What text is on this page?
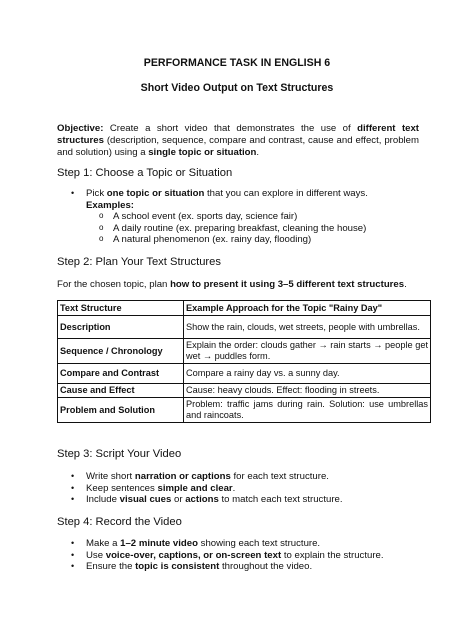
PERFORMANCE TASK IN ENGLISH 6
Short Video Output on Text Structures
Objective: Create a short video that demonstrates the use of different text structures (description, sequence, compare and contrast, cause and effect, problem and solution) using a single topic or situation.
Step 1: Choose a Topic or Situation
• Pick one topic or situation that you can explore in different ways.
Examples:
o A school event (ex. sports day, science fair)
o A daily routine (ex. preparing breakfast, cleaning the house)
o A natural phenomenon (ex. rainy day, flooding)
Step 2: Plan Your Text Structures
For the chosen topic, plan how to present it using 3–5 different text structures.
Text Structure	Example Approach for the Topic "Rainy Day"
Description	Show the rain, clouds, wet streets, people with umbrellas.
Sequence / Chronology	Explain the order: clouds gather → rain starts → people get wet → puddles form.
Compare and Contrast	Compare a rainy day vs. a sunny day.
Cause and Effect	Cause: heavy clouds. Effect: flooding in streets.
Problem and Solution	Problem: traffic jams during rain. Solution: use umbrellas and raincoats.
Step 3: Script Your Video
• Write short narration or captions for each text structure.
• Keep sentences simple and clear.
• Include visual cues or actions to match each text structure.
Step 4: Record the Video
• Make a 1–2 minute video showing each text structure.
• Use voice-over, captions, or on-screen text to explain the structure.
• Ensure the topic is consistent throughout the video.
